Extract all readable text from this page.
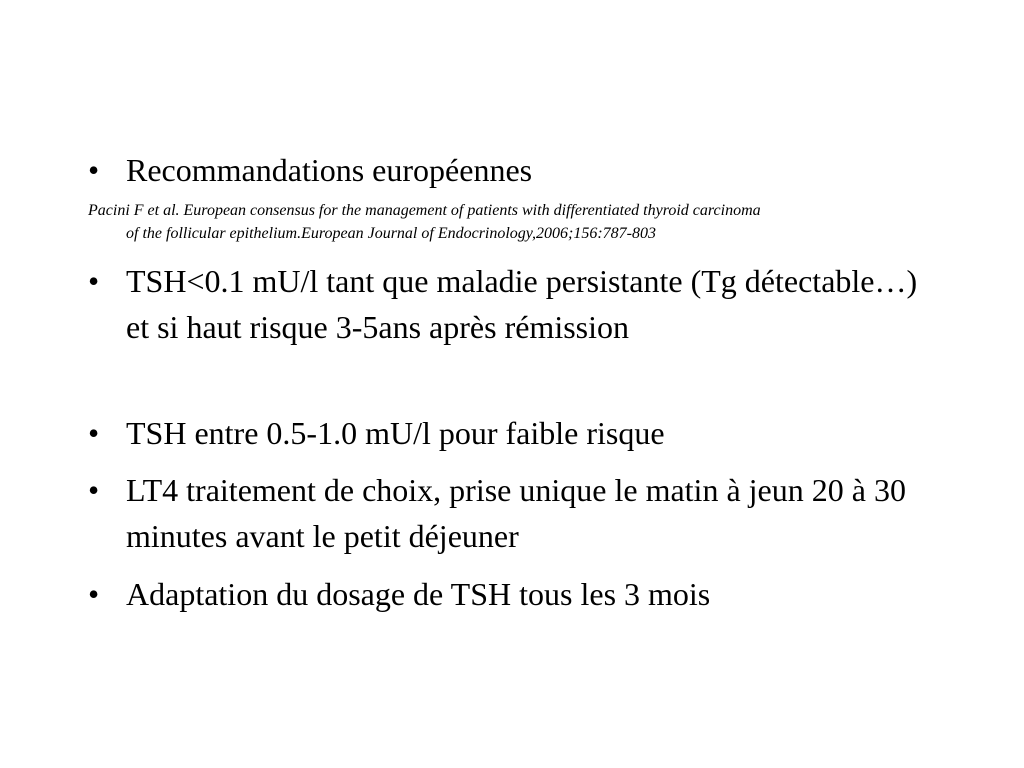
• Recommandations européennes
Pacini F et al. European consensus for the management of patients with differentiated thyroid carcinoma
of the follicular epithelium.European Journal of Endocrinology,2006;156:787-803
• TSH<0.1 mU/l tant que maladie persistante (Tg détectable…) et si haut risque 3-5ans après rémission
• TSH entre 0.5-1.0 mU/l pour faible risque
• LT4 traitement de choix, prise unique le matin à jeun 20 à 30 minutes avant le petit déjeuner
• Adaptation du dosage de TSH tous les 3 mois
